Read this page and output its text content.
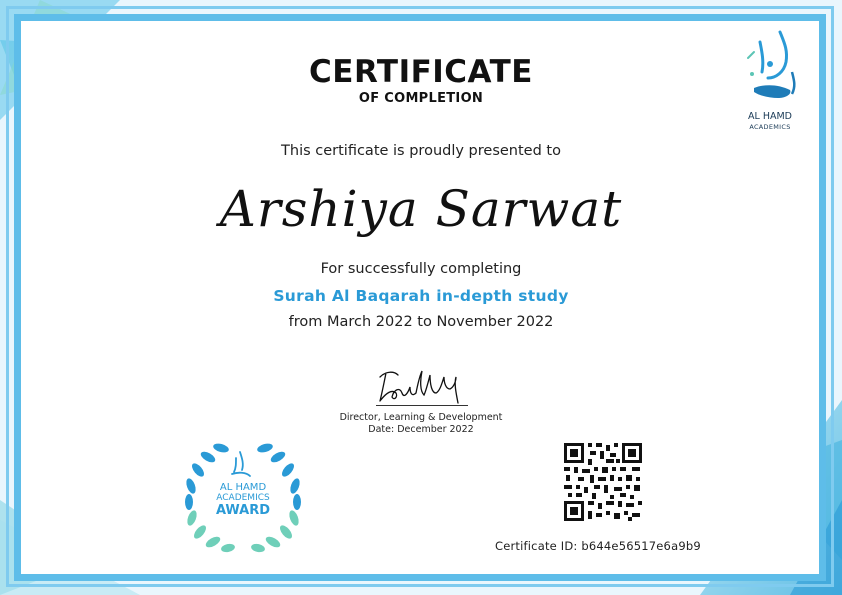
AL HAMD
ACADEMICS
CERTIFICATE
OF COMPLETION
This certificate is proudly presented to
Arshiya Sarwat
For successfully completing
Surah Al Baqarah in-depth study
from March 2022 to November 2022
Director, Learning & Development
Date: December 2022
AL HAMD
ACADEMICS
AWARD
Certificate ID: b644e56517e6a9b9
